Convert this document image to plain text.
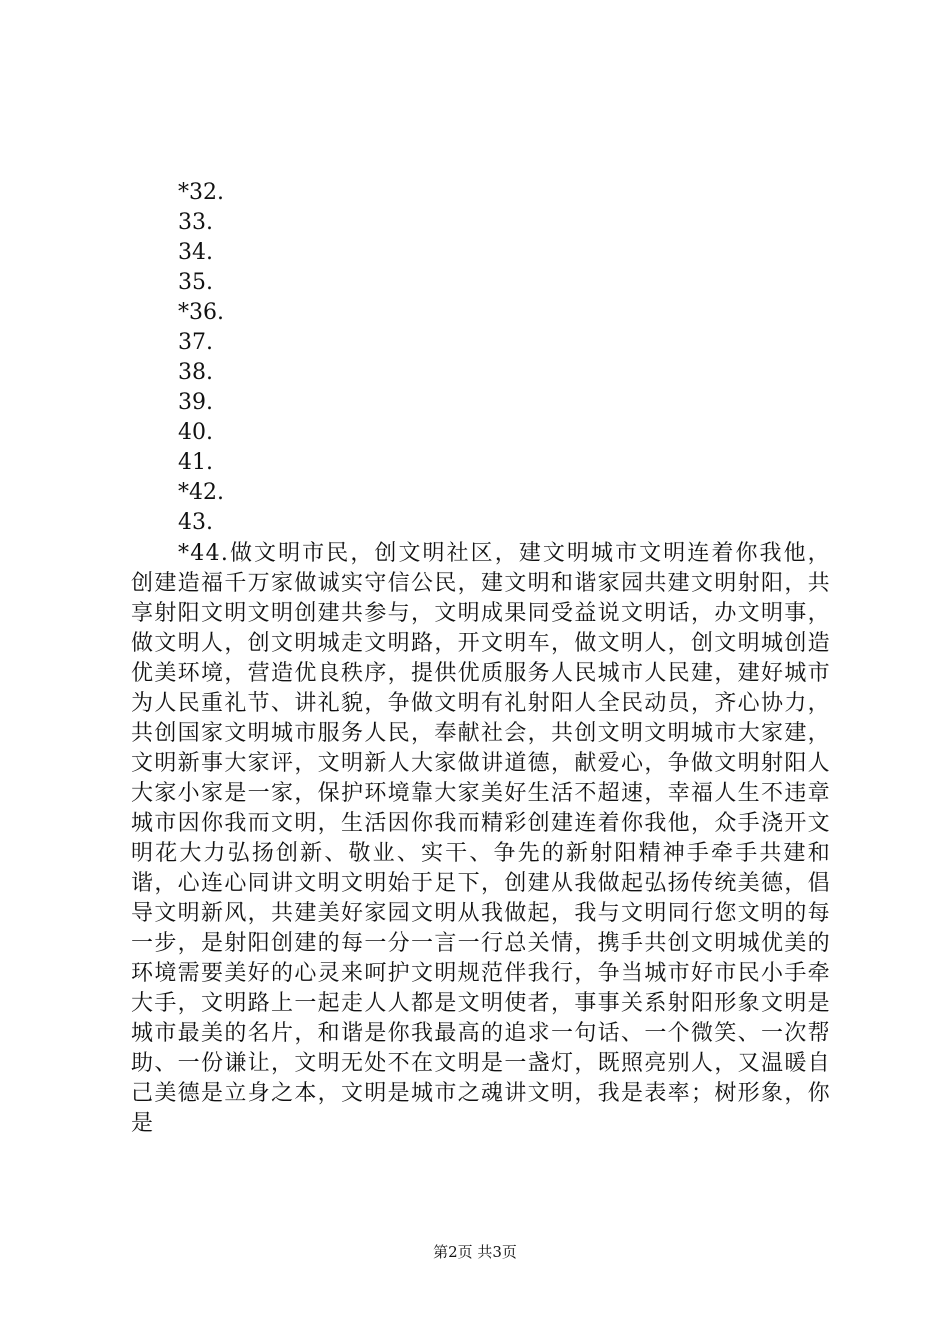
*32.
33.
34.
35.
*36.
37.
38.
39.
40.
41.
*42.
43.

*44.做文明市民，创文明社区，建文明城市文明连着你我他，创建造福千万家做诚实守信公民，建文明和谐家园共建文明射阳，共享射阳文明文明创建共参与，文明成果同受益说文明话，办文明事，做文明人，创文明城走文明路，开文明车，做文明人，创文明城创造优美环境，营造优良秩序，提供优质服务人民城市人民建，建好城市为人民重礼节、讲礼貌，争做文明有礼射阳人全民动员，齐心协力，共创国家文明城市服务人民，奉献社会，共创文明文明城市大家建，文明新事大家评，文明新人大家做讲道德，献爱心，争做文明射阳人大家小家是一家，保护环境靠大家美好生活不超速，幸福人生不违章城市因你我而文明，生活因你我而精彩创建连着你我他，众手浇开文明花大力弘扬创新、敬业、实干、争先的新射阳精神手牵手共建和谐，心连心同讲文明文明始于足下，创建从我做起弘扬传统美德，倡导文明新风，共建美好家园文明从我做起，我与文明同行您文明的每一步，是射阳创建的每一分一言一行总关情，携手共创文明城优美的环境需要美好的心灵来呵护文明规范伴我行，争当城市好市民小手牵大手，文明路上一起走人人都是文明使者，事事关系射阳形象文明是城市最美的名片，和谐是你我最高的追求一句话、一个微笑、一次帮助、一份谦让，文明无处不在文明是一盏灯，既照亮别人，又温暖自己美德是立身之本，文明是城市之魂讲文明，我是表率；树形象，你是

第2页 共3页
